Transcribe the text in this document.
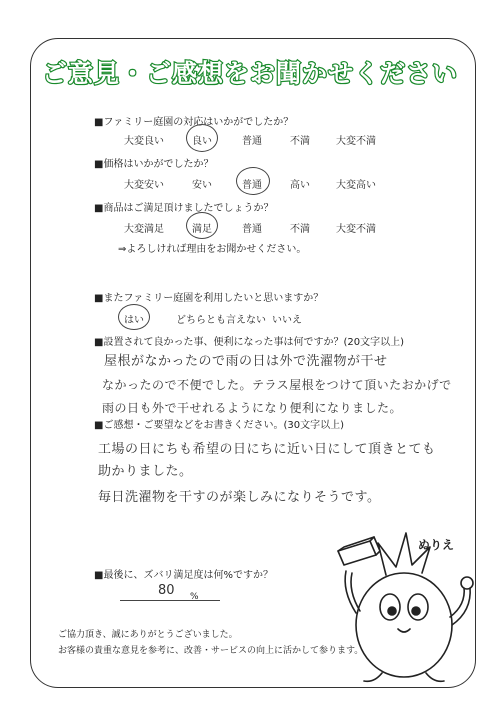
ご意見・ご感想をお聞かせください
■ファミリー庭園の対応はいかがでしたか？
大変良い	良い	普通	不満	大変不満
■価格はいかがでしたか？
大変安い	安い	普通	高い	大変高い
■商品はご満足頂けましたでしょうか？
大変満足	満足	普通	不満	大変不満
⇒よろしければ理由をお聞かせください。
■またファミリー庭園を利用したいと思いますか？
はい	どちらとも言えない いいえ
■設置されて良かった事、便利になった事は何ですか？(20文字以上)
屋根がなかったので雨の日は外で洗濯物が干せ
なかったので不便でした。テラス屋根をつけて頂いたおかげで
雨の日も外で干せれるようになり便利になりました。
■ご感想・ご要望などをお書きください。(30文字以上)
工場の日にちも希望の日にちに近い日にして頂きとても
助かりました。
毎日洗濯物を干すのが楽しみになりそうです。
■最後に、ズバリ満足度は何%ですか？
80 %
ぬりえ
ご協力頂き、誠にありがとうございました。
お客様の貴重な意見を参考に、改善・サービスの向上に活かして参ります。
